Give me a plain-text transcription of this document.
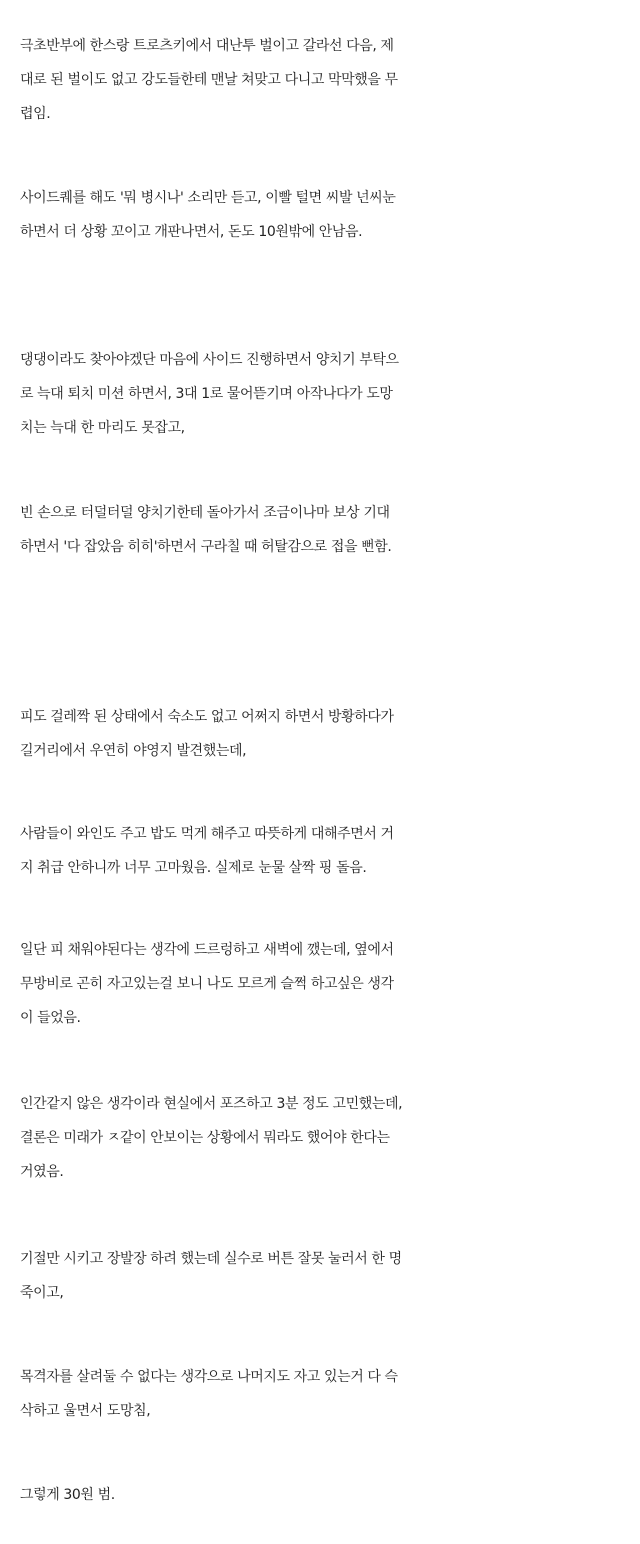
극초반부에 한스랑 트로츠키에서 대난투 벌이고 갈라선 다음, 제
대로 된 벌이도 없고 강도들한테 맨날 쳐맞고 다니고 막막했을 무
렵임.

사이드퀘를 해도 '뭐 병시나' 소리만 듣고, 이빨 털면 씨발 넌씨눈
하면서 더 상황 꼬이고 개판나면서, 돈도 10원밖에 안남음.

댕댕이라도 찾아야겠단 마음에 사이드 진행하면서 양치기 부탁으
로 늑대 퇴치 미션 하면서, 3대 1로 물어뜯기며 아작나다가 도망
치는 늑대 한 마리도 못잡고,

빈 손으로 터덜터덜 양치기한테 돌아가서 조금이나마 보상 기대
하면서 '다 잡았음 히히'하면서 구라칠 때 허탈감으로 접을 뻔함.

피도 걸레짝 된 상태에서 숙소도 없고 어쩌지 하면서 방황하다가
길거리에서 우연히 야영지 발견했는데,

사람들이 와인도 주고 밥도 먹게 해주고 따뜻하게 대해주면서 거
지 취급 안하니까 너무 고마웠음. 실제로 눈물 살짝 핑 돌음.

일단 피 채워야된다는 생각에 드르렁하고 새벽에 깼는데, 옆에서
무방비로 곤히 자고있는걸 보니 나도 모르게 슬쩍 하고싶은 생각
이 들었음.

인간같지 않은 생각이라 현실에서 포즈하고 3분 정도 고민했는데,
결론은 미래가 ㅈ같이 안보이는 상황에서 뭐라도 했어야 한다는
거였음.

기절만 시키고 장발장 하려 했는데 실수로 버튼 잘못 눌러서 한 명
죽이고,

목격자를 살려둘 수 없다는 생각으로 나머지도 자고 있는거 다 슥
삭하고 울면서 도망침,

그렇게 30원 범.
